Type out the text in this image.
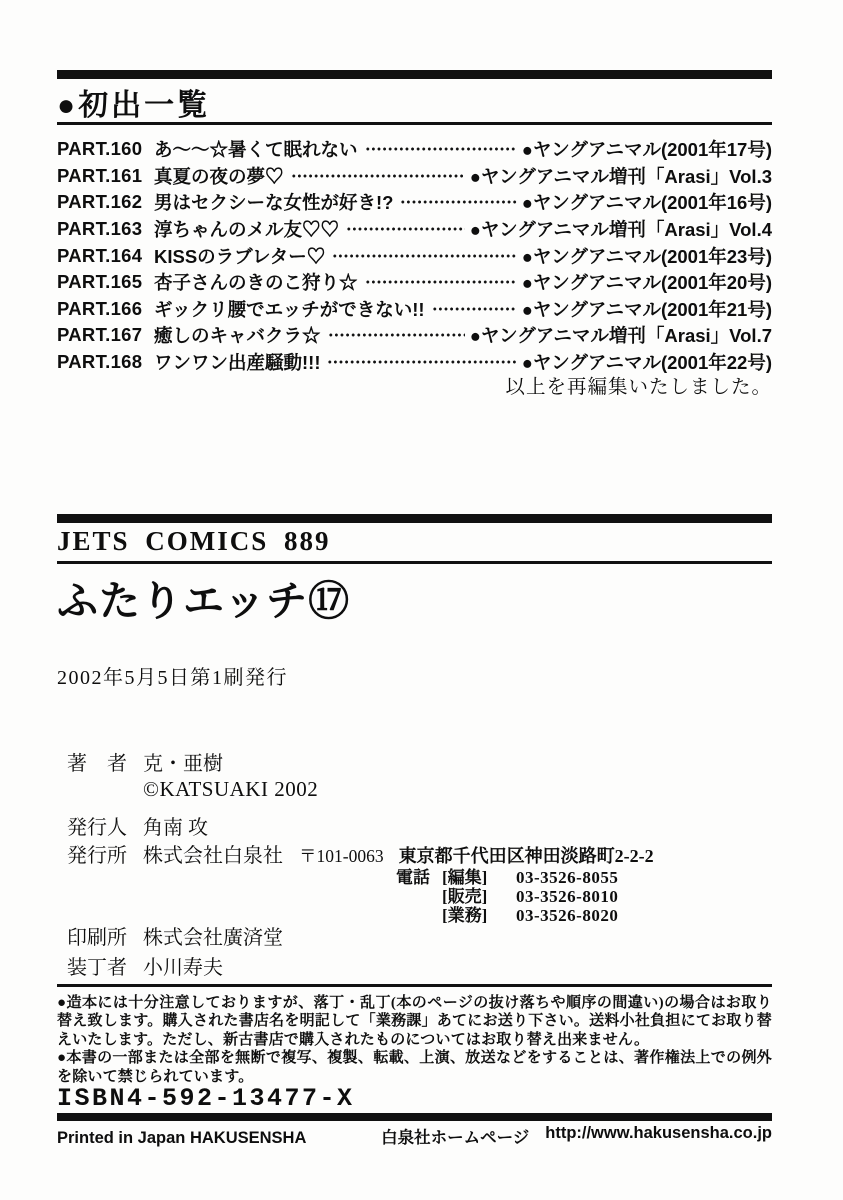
●初出一覧
PART.160 あ～～☆暑くて眠れない	●ヤングアニマル(2001年17号)
PART.161 真夏の夜の夢♡	●ヤングアニマル増刊「Arasi」Vol.3
PART.162 男はセクシーな女性が好き!?	●ヤングアニマル(2001年16号)
PART.163 淳ちゃんのメル友♡♡	●ヤングアニマル増刊「Arasi」Vol.4
PART.164 KISSのラブレター♡	●ヤングアニマル(2001年23号)
PART.165 杏子さんのきのこ狩り☆	●ヤングアニマル(2001年20号)
PART.166 ギックリ腰でエッチができない!!	●ヤングアニマル(2001年21号)
PART.167 癒しのキャバクラ☆	●ヤングアニマル増刊「Arasi」Vol.7
PART.168 ワンワン出産騒動!!!	●ヤングアニマル(2001年22号)
以上を再編集いたしました。
JETS COMICS 889
ふたりエッチ⑰
2002年5月5日第1刷発行
著　者 克・亜樹
©KATSUAKI 2002
発行人 角南 攻
発行所 株式会社白泉社 〒101-0063 東京都千代田区神田淡路町2-2-2
電話 [編集]	03-3526-8055
[販売]	03-3526-8010
[業務]	03-3526-8020
印刷所 株式会社廣済堂
装丁者 小川寿夫

●造本には十分注意しておりますが、落丁・乱丁(本のページの抜け落ちや順序の間違い)の場合はお取り替え致します。購入された書店名を明記して「業務課」あてにお送り下さい。送料小社負担にてお取り替えいたします。ただし、新古書店で購入されたものについてはお取り替え出来ません。

●本書の一部または全部を無断で複写、複製、転載、上演、放送などをすることは、著作権法上での例外を除いて禁じられています。

ISBN4-592-13477-X
Printed in Japan HAKUSENSHA	白泉社ホームページ http://www.hakusensha.co.jp
